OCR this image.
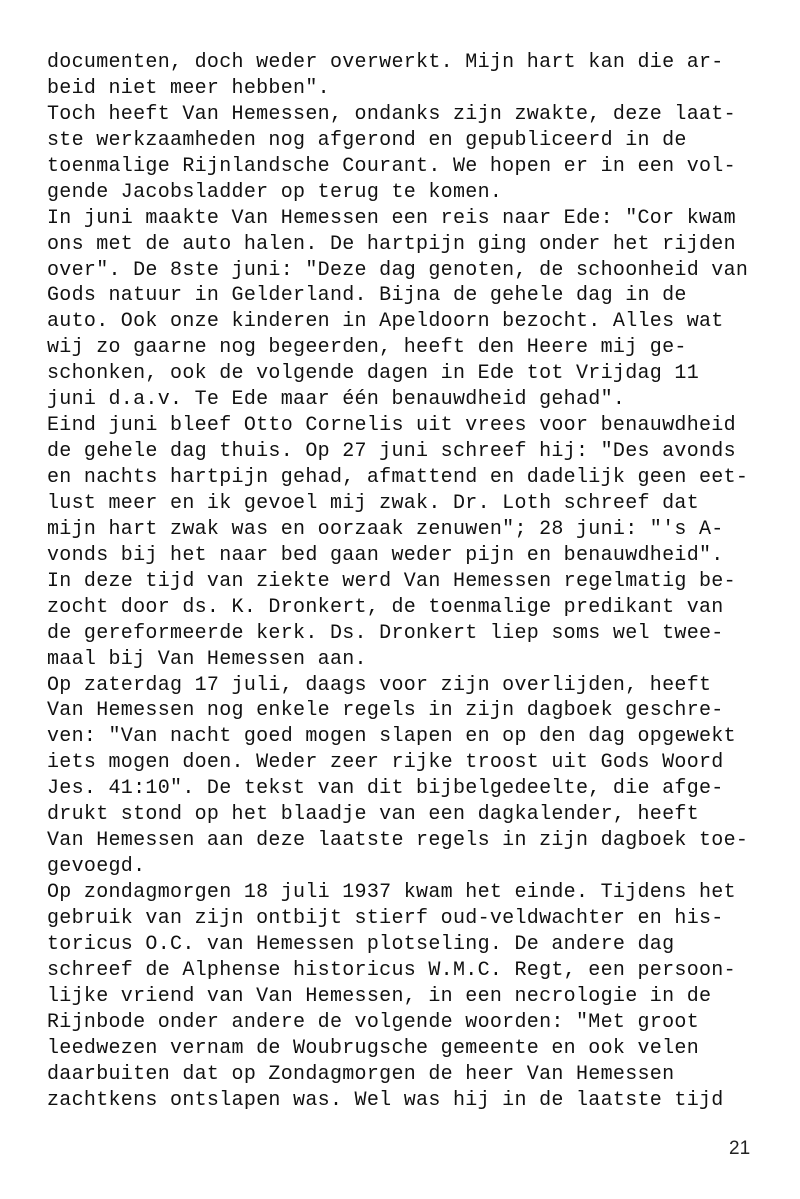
documenten, doch weder overwerkt. Mijn hart kan die ar-
beid niet meer hebben".
Toch heeft Van Hemessen, ondanks zijn zwakte, deze laat-
ste werkzaamheden nog afgerond en gepubliceerd in de
toenmalige Rijnlandsche Courant. We hopen er in een vol-
gende Jacobsladder op terug te komen.
In juni maakte Van Hemessen een reis naar Ede: "Cor kwam
ons met de auto halen. De hartpijn ging onder het rijden
over". De 8ste juni: "Deze dag genoten, de schoonheid van
Gods natuur in Gelderland. Bijna de gehele dag in de
auto. Ook onze kinderen in Apeldoorn bezocht. Alles wat
wij zo gaarne nog begeerden, heeft den Heere mij ge-
schonken, ook de volgende dagen in Ede tot Vrijdag 11
juni d.a.v. Te Ede maar één benauwdheid gehad".
Eind juni bleef Otto Cornelis uit vrees voor benauwdheid
de gehele dag thuis. Op 27 juni schreef hij: "Des avonds
en nachts hartpijn gehad, afmattend en dadelijk geen eet-
lust meer en ik gevoel mij zwak. Dr. Loth schreef dat
mijn hart zwak was en oorzaak zenuwen"; 28 juni: "'s A-
vonds bij het naar bed gaan weder pijn en benauwdheid".
In deze tijd van ziekte werd Van Hemessen regelmatig be-
zocht door ds. K. Dronkert, de toenmalige predikant van
de gereformeerde kerk. Ds. Dronkert liep soms wel twee-
maal bij Van Hemessen aan.
Op zaterdag 17 juli, daags voor zijn overlijden, heeft
Van Hemessen nog enkele regels in zijn dagboek geschre-
ven: "Van nacht goed mogen slapen en op den dag opgewekt
iets mogen doen. Weder zeer rijke troost uit Gods Woord
Jes. 41:10". De tekst van dit bijbelgedeelte, die afge-
drukt stond op het blaadje van een dagkalender, heeft
Van Hemessen aan deze laatste regels in zijn dagboek toe-
gevoegd.
Op zondagmorgen 18 juli 1937 kwam het einde. Tijdens het
gebruik van zijn ontbijt stierf oud-veldwachter en his-
toricus O.C. van Hemessen plotseling. De andere dag
schreef de Alphense historicus W.M.C. Regt, een persoon-
lijke vriend van Van Hemessen, in een necrologie in de
Rijnbode onder andere de volgende woorden: "Met groot
leedwezen vernam de Woubrugsche gemeente en ook velen
daarbuiten dat op Zondagmorgen de heer Van Hemessen
zachtkens ontslapen was. Wel was hij in de laatste tijd
21
